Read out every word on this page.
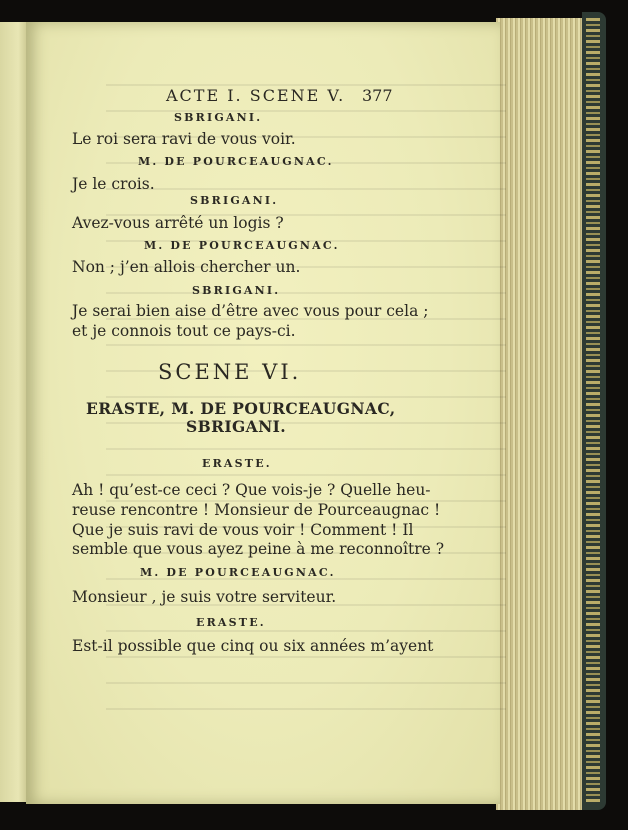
ACTE I. SCENE V. 377
SBRIGANI.
Le roi sera ravi de vous voir.
M. DE POURCEAUGNAC.
Je le crois.
SBRIGANI.
Avez-vous arrêté un logis ?
M. DE POURCEAUGNAC.
Non ; j’en allois chercher un.
SBRIGANI.
Je serai bien aise d’être avec vous pour cela ;
et je connois tout ce pays-ci.
SCENE VI.
ERASTE, M. DE POURCEAUGNAC,
SBRIGANI.
ERASTE.
Ah ! qu’est-ce ceci ? Que vois-je ? Quelle heu-
reuse rencontre ! Monsieur de Pourceaugnac !
Que je suis ravi de vous voir ! Comment ! Il
semble que vous ayez peine à me reconnoître ?
M. DE POURCEAUGNAC.
Monsieur , je suis votre serviteur.
ERASTE.
Est-il possible que cinq ou six années m’ayent
